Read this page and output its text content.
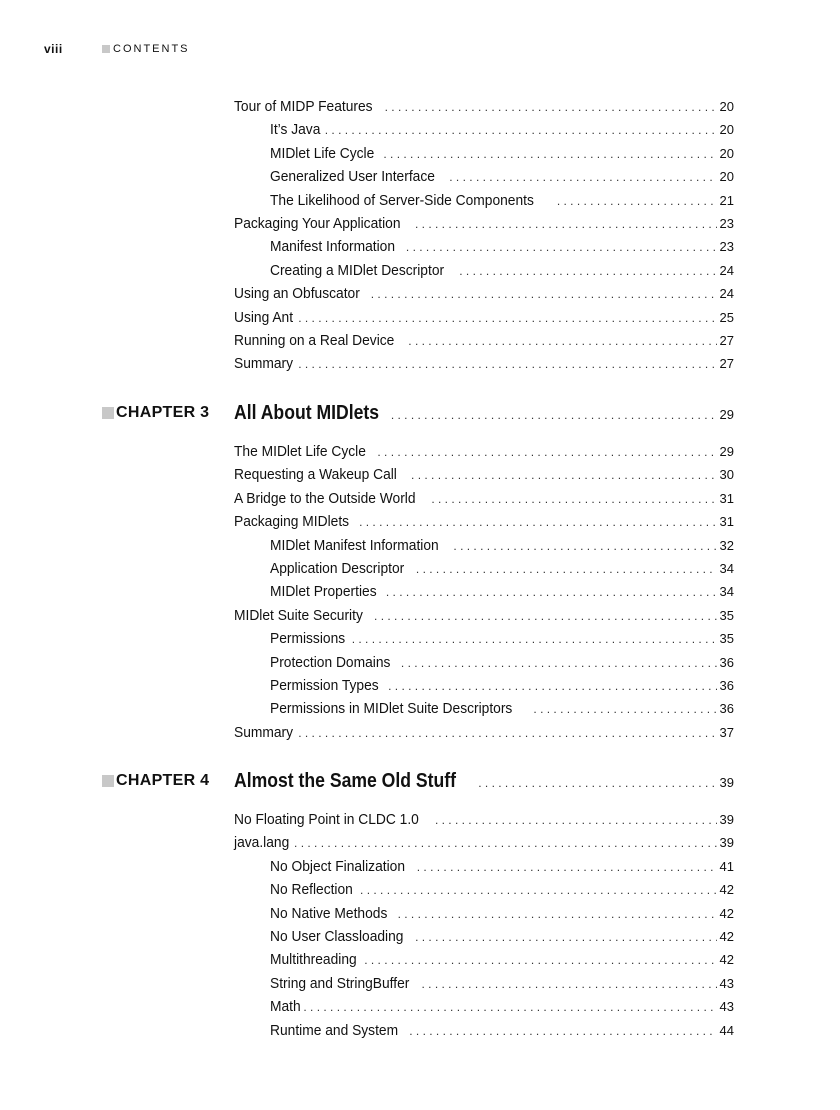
viii	CONTENTS
Tour of MIDP Features . . .	20
It’s Java . . .	20
MIDlet Life Cycle . . .	20
Generalized User Interface . . .	20
The Likelihood of Server-Side Components . . .	21
Packaging Your Application . . .	23
Manifest Information . . .	23
Creating a MIDlet Descriptor . . .	24
Using an Obfuscator . . .	24
Using Ant . . .	25
Running on a Real Device . . .	27
Summary . . .	27
CHAPTER 3 All About MIDlets . . .	29
The MIDlet Life Cycle . . .	29
Requesting a Wakeup Call . . .	30
A Bridge to the Outside World . . .	31
Packaging MIDlets . . .	31
MIDlet Manifest Information . . .	32
Application Descriptor . . .	34
MIDlet Properties . . .	34
MIDlet Suite Security . . .	35
Permissions . . .	35
Protection Domains . . .	36
Permission Types . . .	36
Permissions in MIDlet Suite Descriptors . . .	36
Summary . . .	37
CHAPTER 4 Almost the Same Old Stuff . . .	39
No Floating Point in CLDC 1.0 . . .	39
java.lang . . .	39
No Object Finalization . . .	41
No Reflection . . .	42
No Native Methods . . .	42
No User Classloading . . .	42
Multithreading . . .	42
String and StringBuffer . . .	43
Math . . .	43
Runtime and System . . .	44
